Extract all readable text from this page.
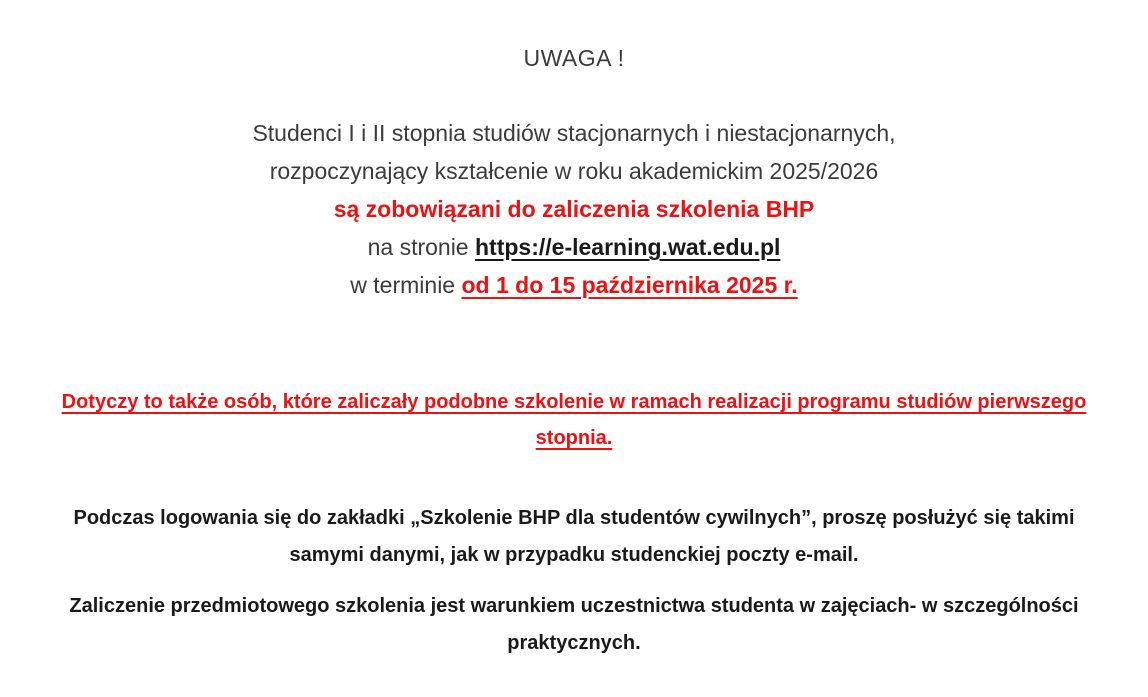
UWAGA !
Studenci I i II stopnia studiów stacjonarnych i niestacjonarnych,
rozpoczynający kształcenie w roku akademickim 2025/2026
są zobowiązani do zaliczenia szkolenia BHP
na stronie https://e-learning.wat.edu.pl
w terminie od 1 do 15 października 2025 r.
Dotyczy to także osób, które zaliczały podobne szkolenie w ramach realizacji programu studiów pierwszego stopnia.
Podczas logowania się do zakładki „Szkolenie BHP dla studentów cywilnych”, proszę posłużyć się takimi samymi danymi, jak w przypadku studenckiej poczty e-mail.
Zaliczenie przedmiotowego szkolenia jest warunkiem uczestnictwa studenta w zajęciach- w szczególności praktycznych.
